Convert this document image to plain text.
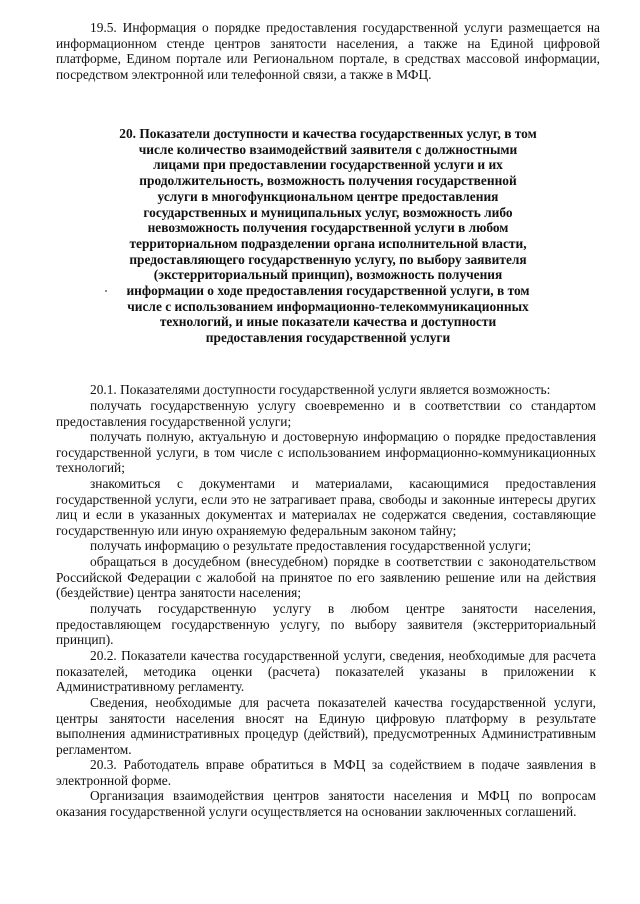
19.5. Информация о порядке предоставления государственной услуги размещается на информационном стенде центров занятости населения, а также на Единой цифровой платформе, Едином портале или Региональном портале, в средствах массовой информации, посредством электронной или телефонной связи, а также в МФЦ.

20. Показатели доступности и качества государственных услуг, в том числе количество взаимодействий заявителя с должностными лицами при предоставлении государственной услуги и их продолжительность, возможность получения государственной услуги в многофункциональном центре предоставления государственных и муниципальных услуг, возможность либо невозможность получения государственной услуги в любом территориальном подразделении органа исполнительной власти, предоставляющего государственную услугу, по выбору заявителя (экстерриториальный принцип), возможность получения информации о ходе предоставления государственной услуги, в том числе с использованием информационно-телекоммуникационных технологий, и иные показатели качества и доступности предоставления государственной услуги

20.1. Показателями доступности государственной услуги является возможность:

получать государственную услугу своевременно и в соответствии со стандартом предоставления государственной услуги;

получать полную, актуальную и достоверную информацию о порядке предоставления государственной услуги, в том числе с использованием информационно-коммуникационных технологий;

знакомиться с документами и материалами, касающимися предоставления государственной услуги, если это не затрагивает права, свободы и законные интересы других лиц и если в указанных документах и материалах не содержатся сведения, составляющие государственную или иную охраняемую федеральным законом тайну;

получать информацию о результате предоставления государственной услуги;

обращаться в досудебном (внесудебном) порядке в соответствии с законодательством Российской Федерации с жалобой на принятое по его заявлению решение или на действия (бездействие) центра занятости населения;

получать государственную услугу в любом центре занятости населения, предоставляющем государственную услугу, по выбору заявителя (экстерриториальный принцип).

20.2. Показатели качества государственной услуги, сведения, необходимые для расчета показателей, методика оценки (расчета) показателей указаны в приложении к Административному регламенту.

Сведения, необходимые для расчета показателей качества государственной услуги, центры занятости населения вносят на Единую цифровую платформу в результате выполнения административных процедур (действий), предусмотренных Административным регламентом.

20.3. Работодатель вправе обратиться в МФЦ за содействием в подаче заявления в электронной форме.

Организация взаимодействия центров занятости населения и МФЦ по вопросам оказания государственной услуги осуществляется на основании заключенных соглашений.
